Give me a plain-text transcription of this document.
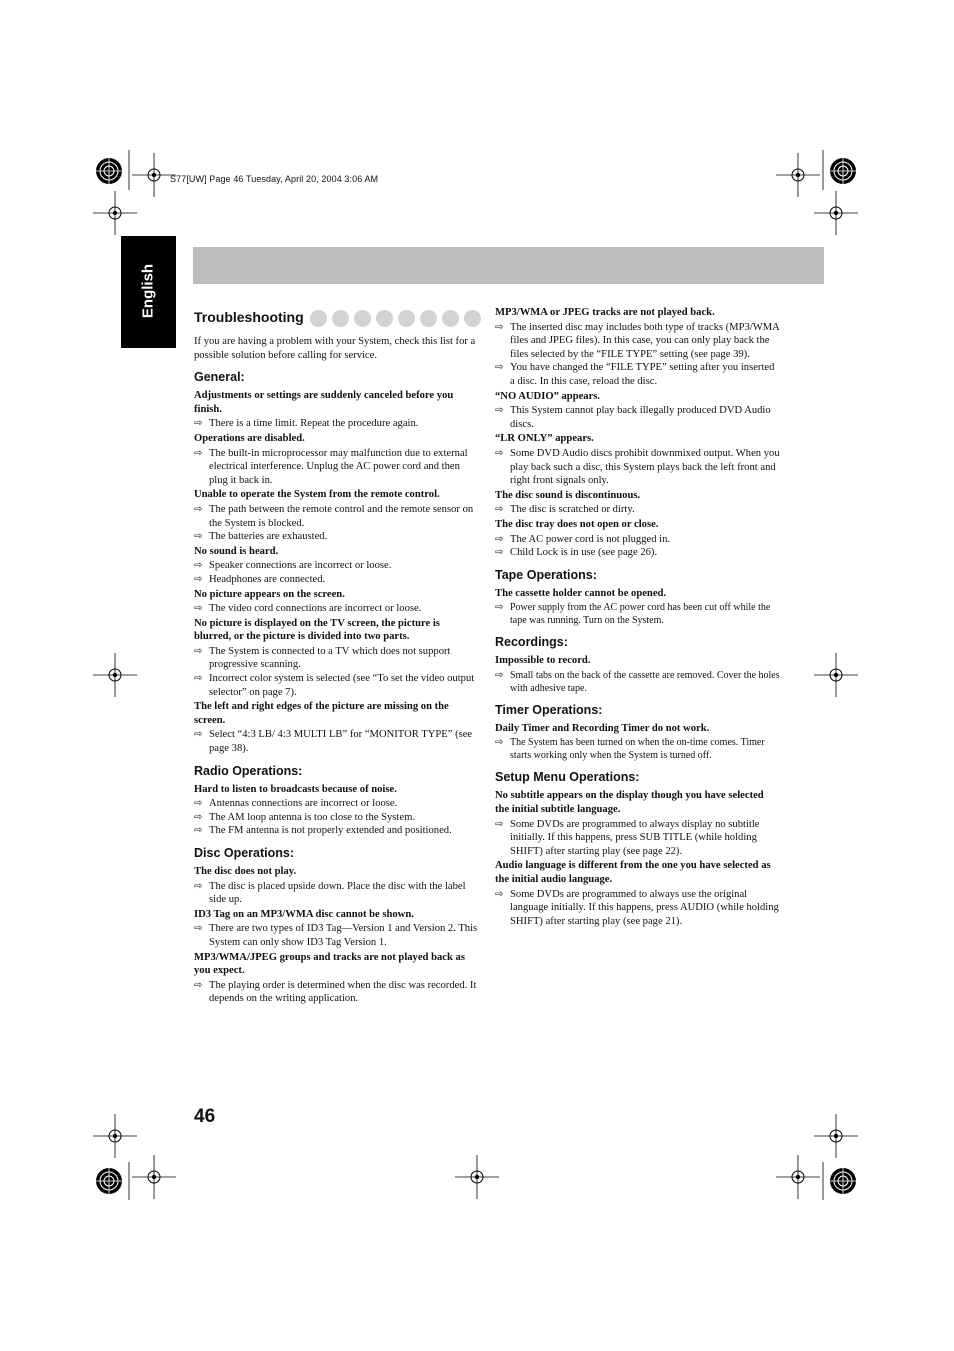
S77[UW] Page 46 Tuesday, April 20, 2004 3:06 AM
English	Troubleshooting

If you are having a problem with your System, check this list for a possible solution before calling for service.

General:
Adjustments or settings are suddenly canceled before you finish.
⇨ There is a time limit. Repeat the procedure again.
Operations are disabled.
⇨ The built-in microprocessor may malfunction due to external electrical interference. Unplug the AC power cord and then plug it back in.
Unable to operate the System from the remote control.
⇨ The path between the remote control and the remote sensor on the System is blocked.
⇨ The batteries are exhausted.
No sound is heard.
⇨ Speaker connections are incorrect or loose.
⇨ Headphones are connected.
No picture appears on the screen.
⇨ The video cord connections are incorrect or loose.
No picture is displayed on the TV screen, the picture is blurred, or the picture is divided into two parts.
⇨ The System is connected to a TV which does not support progressive scanning.
⇨ Incorrect color system is selected (see “To set the video output selector” on page 7).
The left and right edges of the picture are missing on the screen.
⇨ Select “4:3 LB/ 4:3 MULTI LB” for “MONITOR TYPE” (see page 38).
Radio Operations:
Hard to listen to broadcasts because of noise.
⇨ Antennas connections are incorrect or loose.
⇨ The AM loop antenna is too close to the System.
⇨ The FM antenna is not properly extended and positioned.
Disc Operations:
The disc does not play.
⇨ The disc is placed upside down. Place the disc with the label side up.
ID3 Tag on an MP3/WMA disc cannot be shown.
⇨ There are two types of ID3 Tag—Version 1 and Version 2. This System can only show ID3 Tag Version 1.
MP3/WMA/JPEG groups and tracks are not played back as you expect.
⇨ The playing order is determined when the disc was recorded. It depends on the writing application.
MP3/WMA or JPEG tracks are not played back.
⇨ The inserted disc may includes both type of tracks (MP3/WMA files and JPEG files). In this case, you can only play back the files selected by the “FILE TYPE” setting (see page 39).
⇨ You have changed the “FILE TYPE” setting after you inserted a disc. In this case, reload the disc.
“NO AUDIO” appears.
⇨ This System cannot play back illegally produced DVD Audio discs.
“LR ONLY” appears.
⇨ Some DVD Audio discs prohibit downmixed output. When you play back such a disc, this System plays back the left front and right front signals only.
The disc sound is discontinuous.
⇨ The disc is scratched or dirty.
The disc tray does not open or close.
⇨ The AC power cord is not plugged in.
⇨ Child Lock is in use (see page 26).
Tape Operations:
The cassette holder cannot be opened.
⇨ Power supply from the AC power cord has been cut off while the tape was running. Turn on the System.
Recordings:
Impossible to record.
⇨ Small tabs on the back of the cassette are removed. Cover the holes with adhesive tape.
Timer Operations:
Daily Timer and Recording Timer do not work.
⇨ The System has been turned on when the on-time comes. Timer starts working only when the System is turned off.
Setup Menu Operations:
No subtitle appears on the display though you have selected the initial subtitle language.
⇨ Some DVDs are programmed to always display no subtitle initially. If this happens, press SUB TITLE (while holding SHIFT) after starting play (see page 22).
Audio language is different from the one you have selected as the initial audio language.
⇨ Some DVDs are programmed to always use the original language initially. If this happens, press AUDIO (while holding SHIFT) after starting play (see page 21).
46
